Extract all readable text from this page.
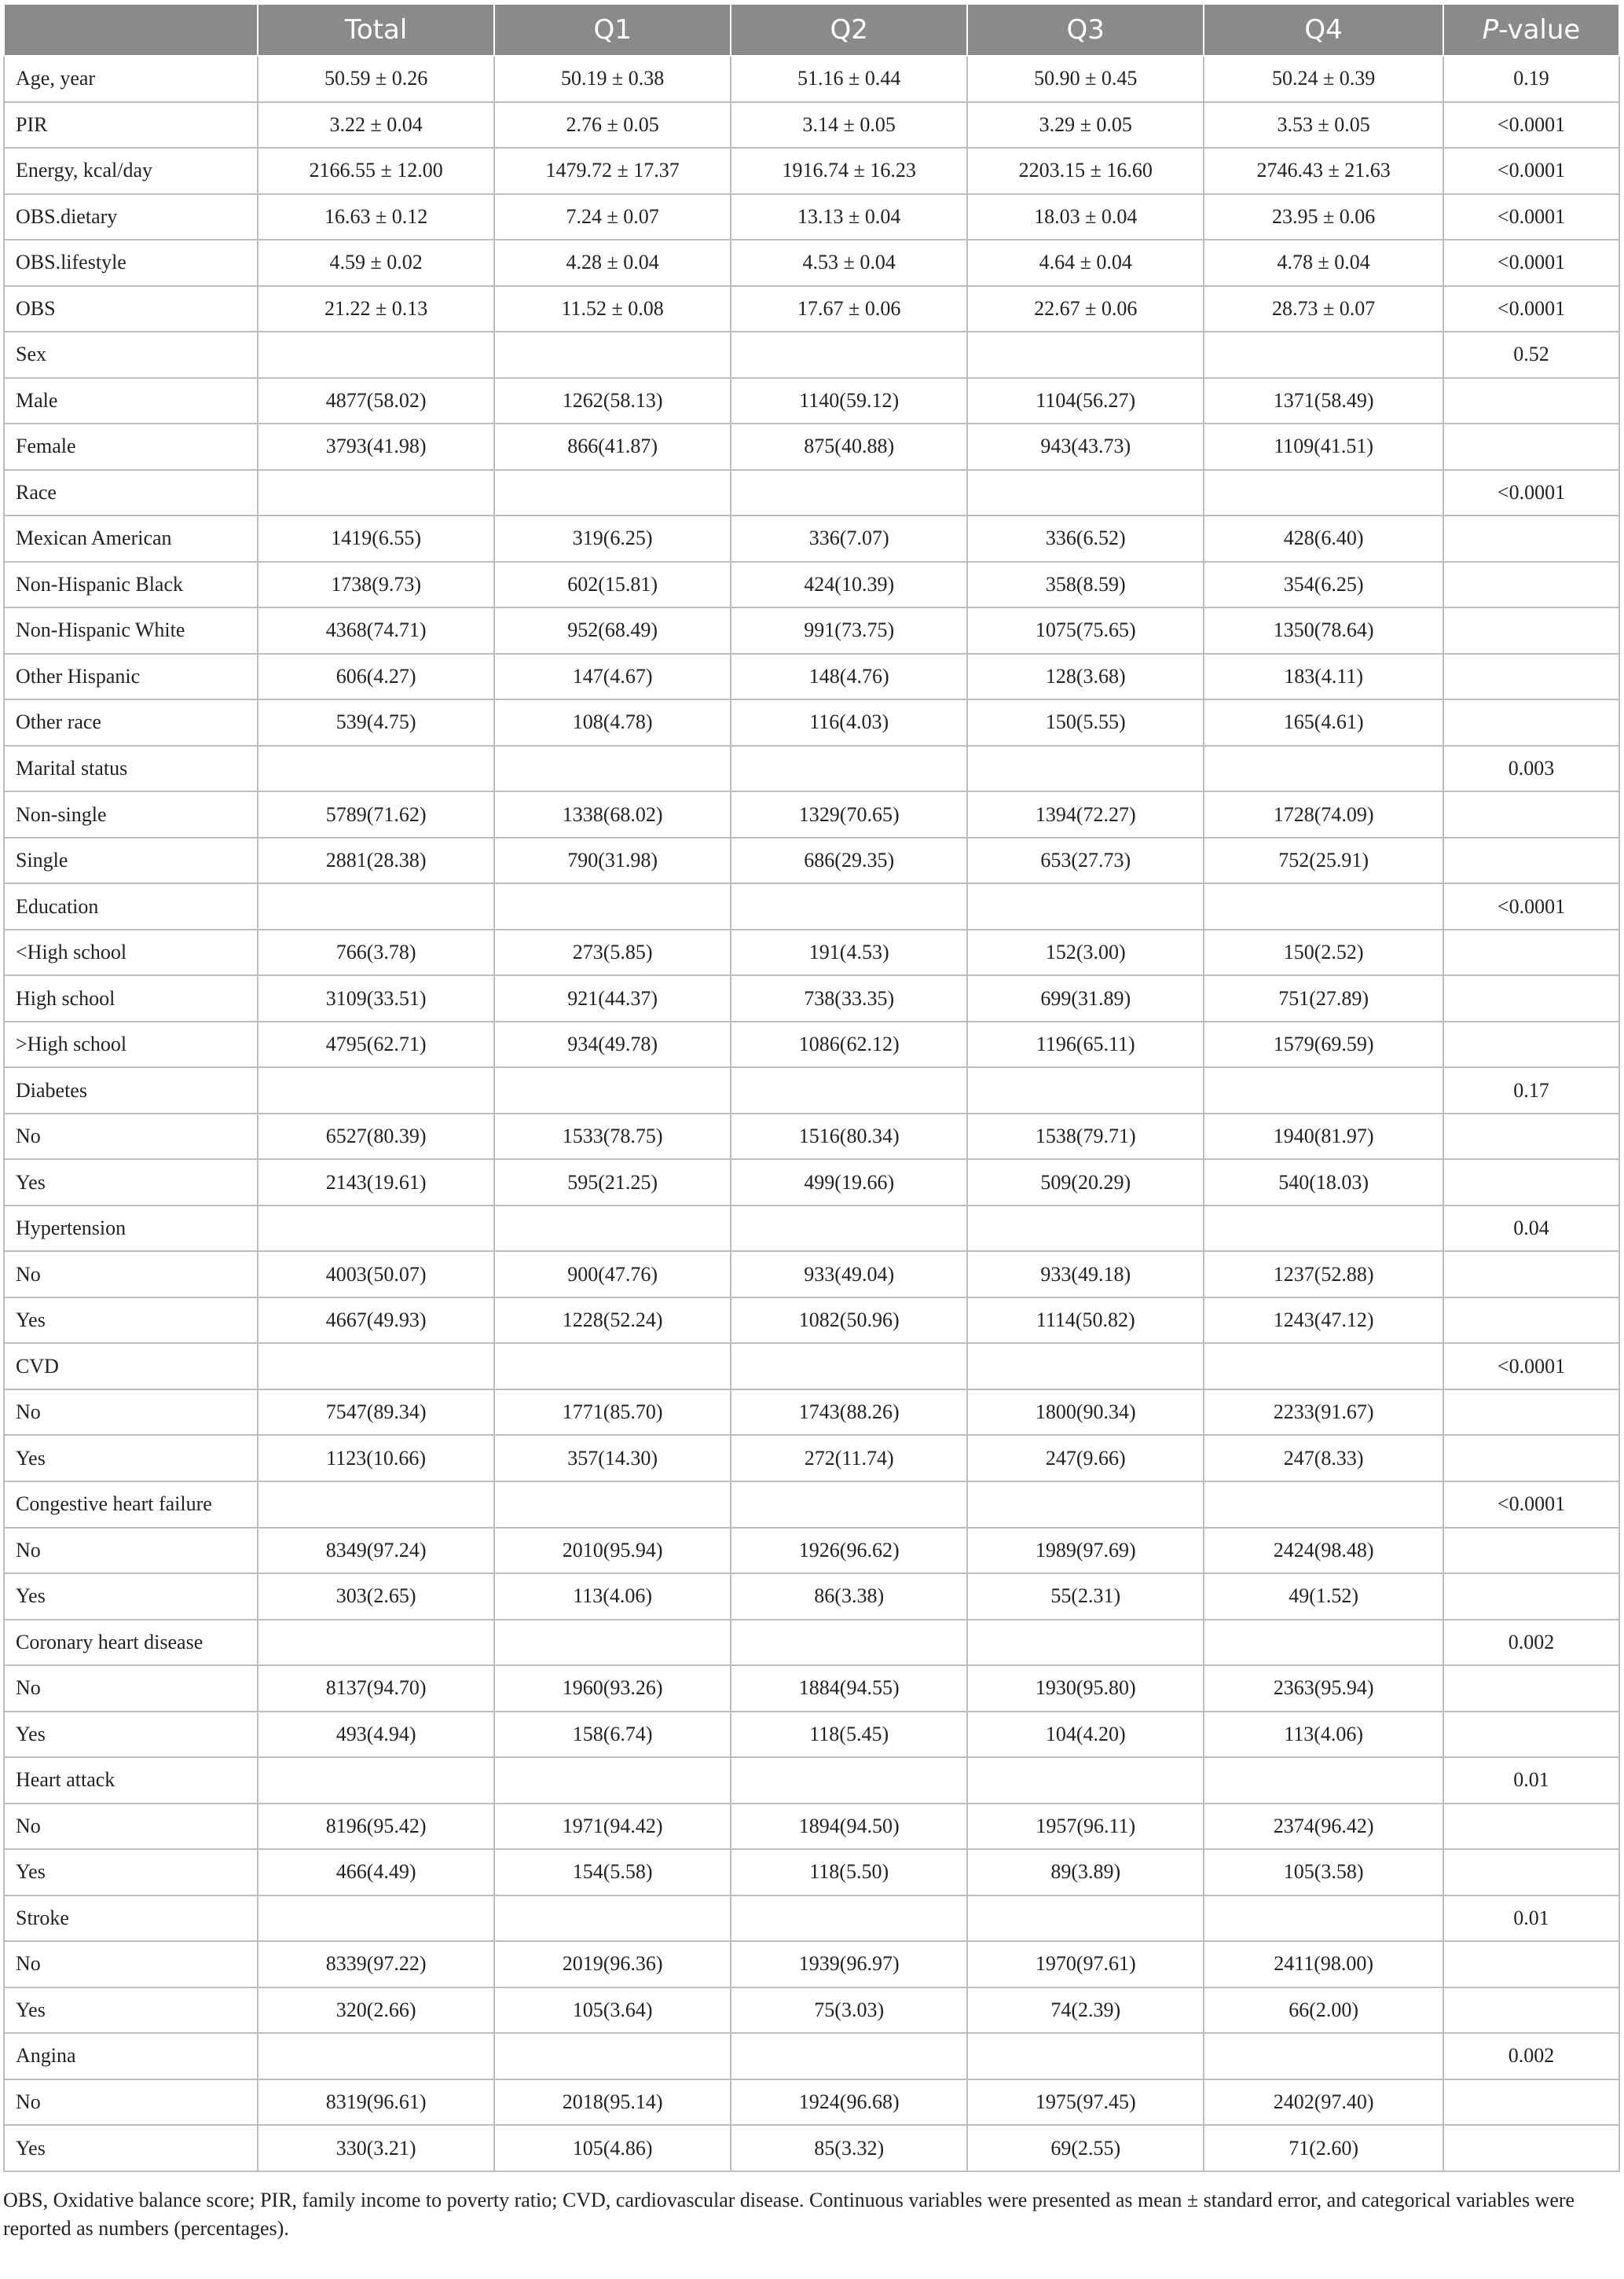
	Total	Q1	Q2	Q3	Q4	P-value
Age, year	50.59 ± 0.26	50.19 ± 0.38	51.16 ± 0.44	50.90 ± 0.45	50.24 ± 0.39	0.19
PIR	3.22 ± 0.04	2.76 ± 0.05	3.14 ± 0.05	3.29 ± 0.05	3.53 ± 0.05	<0.0001
Energy, kcal/day	2166.55 ± 12.00	1479.72 ± 17.37	1916.74 ± 16.23	2203.15 ± 16.60	2746.43 ± 21.63	<0.0001
OBS.dietary	16.63 ± 0.12	7.24 ± 0.07	13.13 ± 0.04	18.03 ± 0.04	23.95 ± 0.06	<0.0001
OBS.lifestyle	4.59 ± 0.02	4.28 ± 0.04	4.53 ± 0.04	4.64 ± 0.04	4.78 ± 0.04	<0.0001
OBS	21.22 ± 0.13	11.52 ± 0.08	17.67 ± 0.06	22.67 ± 0.06	28.73 ± 0.07	<0.0001
Sex						0.52
Male	4877(58.02)	1262(58.13)	1140(59.12)	1104(56.27)	1371(58.49)	
Female	3793(41.98)	866(41.87)	875(40.88)	943(43.73)	1109(41.51)	
Race						<0.0001
Mexican American	1419(6.55)	319(6.25)	336(7.07)	336(6.52)	428(6.40)	
Non-Hispanic Black	1738(9.73)	602(15.81)	424(10.39)	358(8.59)	354(6.25)	
Non-Hispanic White	4368(74.71)	952(68.49)	991(73.75)	1075(75.65)	1350(78.64)	
Other Hispanic	606(4.27)	147(4.67)	148(4.76)	128(3.68)	183(4.11)	
Other race	539(4.75)	108(4.78)	116(4.03)	150(5.55)	165(4.61)	
Marital status						0.003
Non-single	5789(71.62)	1338(68.02)	1329(70.65)	1394(72.27)	1728(74.09)	
Single	2881(28.38)	790(31.98)	686(29.35)	653(27.73)	752(25.91)	
Education						<0.0001
<High school	766(3.78)	273(5.85)	191(4.53)	152(3.00)	150(2.52)	
High school	3109(33.51)	921(44.37)	738(33.35)	699(31.89)	751(27.89)	
>High school	4795(62.71)	934(49.78)	1086(62.12)	1196(65.11)	1579(69.59)	
Diabetes						0.17
No	6527(80.39)	1533(78.75)	1516(80.34)	1538(79.71)	1940(81.97)	
Yes	2143(19.61)	595(21.25)	499(19.66)	509(20.29)	540(18.03)	
Hypertension						0.04
No	4003(50.07)	900(47.76)	933(49.04)	933(49.18)	1237(52.88)	
Yes	4667(49.93)	1228(52.24)	1082(50.96)	1114(50.82)	1243(47.12)	
CVD						<0.0001
No	7547(89.34)	1771(85.70)	1743(88.26)	1800(90.34)	2233(91.67)	
Yes	1123(10.66)	357(14.30)	272(11.74)	247(9.66)	247(8.33)	
Congestive heart failure						<0.0001
No	8349(97.24)	2010(95.94)	1926(96.62)	1989(97.69)	2424(98.48)	
Yes	303(2.65)	113(4.06)	86(3.38)	55(2.31)	49(1.52)	
Coronary heart disease						0.002
No	8137(94.70)	1960(93.26)	1884(94.55)	1930(95.80)	2363(95.94)	
Yes	493(4.94)	158(6.74)	118(5.45)	104(4.20)	113(4.06)	
Heart attack						0.01
No	8196(95.42)	1971(94.42)	1894(94.50)	1957(96.11)	2374(96.42)	
Yes	466(4.49)	154(5.58)	118(5.50)	89(3.89)	105(3.58)	
Stroke						0.01
No	8339(97.22)	2019(96.36)	1939(96.97)	1970(97.61)	2411(98.00)	
Yes	320(2.66)	105(3.64)	75(3.03)	74(2.39)	66(2.00)	
Angina						0.002
No	8319(96.61)	2018(95.14)	1924(96.68)	1975(97.45)	2402(97.40)	
Yes	330(3.21)	105(4.86)	85(3.32)	69(2.55)	71(2.60)	
OBS, Oxidative balance score; PIR, family income to poverty ratio; CVD, cardiovascular disease. Continuous variables were presented as mean ± standard error, and categorical variables were reported as numbers (percentages).
